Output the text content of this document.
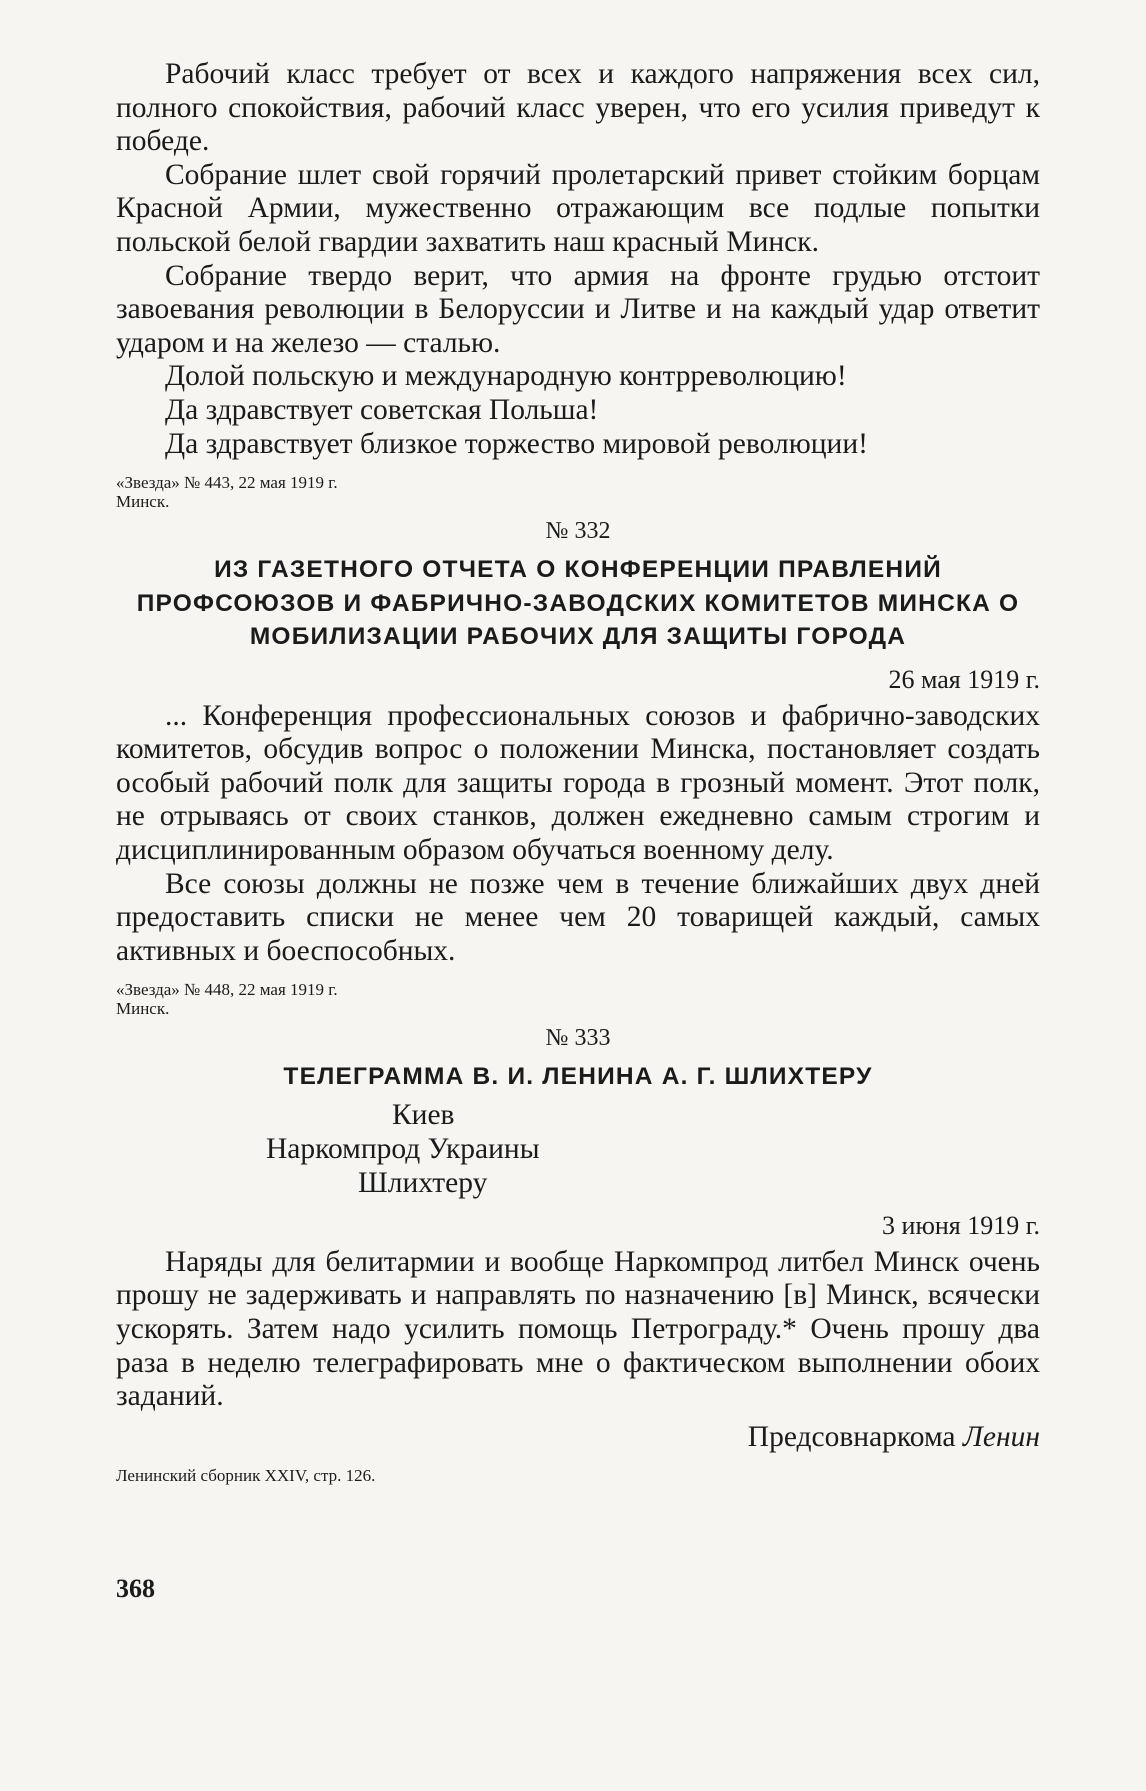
Рабочий класс требует от всех и каждого напряжения всех сил, полного спокойствия, рабочий класс уверен, что его усилия приведут к победе.

Собрание шлет свой горячий пролетарский привет стойким борцам Красной Армии, мужественно отражающим все подлые попытки польской белой гвардии захватить наш красный Минск.

Собрание твердо верит, что армия на фронте грудью отстоит завоевания революции в Белоруссии и Литве и на каждый удар ответит ударом и на железо — сталью.

Долой польскую и международную контрреволюцию!

Да здравствует советская Польша!

Да здравствует близкое торжество мировой революции!

«Звезда» № 443, 22 мая 1919 г.
Минск.
№ 332
ИЗ ГАЗЕТНОГО ОТЧЕТА О КОНФЕРЕНЦИИ ПРАВЛЕНИЙ ПРОФСОЮЗОВ И ФАБРИЧНО-ЗАВОДСКИХ КОМИТЕТОВ МИНСКА О МОБИЛИЗАЦИИ РАБОЧИХ ДЛЯ ЗАЩИТЫ ГОРОДА
26 мая 1919 г.

... Конференция профессиональных союзов и фабрично-заводских комитетов, обсудив вопрос о положении Минска, постановляет создать особый рабочий полк для защиты города в грозный момент. Этот полк, не отрываясь от своих станков, должен ежедневно самым строгим и дисциплинированным образом обучаться военному делу.

Все союзы должны не позже чем в течение ближайших двух дней предоставить списки не менее чем 20 товарищей каждый, самых активных и боеспособных.

«Звезда» № 448, 22 мая 1919 г.
Минск.
№ 333
ТЕЛЕГРАММА В. И. ЛЕНИНА А. Г. ШЛИХТЕРУ
Киев
Наркомпрод Украины
Шлихтеру
3 июня 1919 г.

Наряды для белитармии и вообще Наркомпрод литбел Минск очень прошу не задерживать и направлять по назначению [в] Минск, всячески ускорять. Затем надо усилить помощь Петрограду.* Очень прошу два раза в неделю телеграфировать мне о фактическом выполнении обоих заданий.

Предсовнаркома Ленин
Ленинский сборник XXIV, стр. 126.
368
